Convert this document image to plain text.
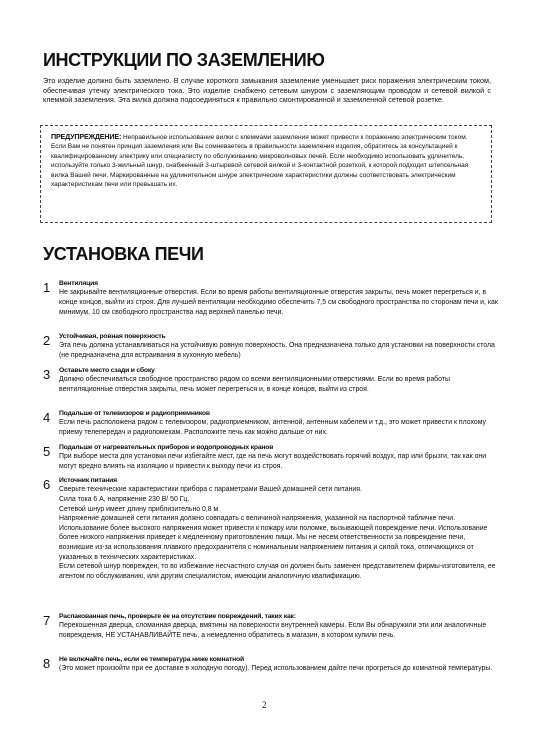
ИНСТРУКЦИИ ПО ЗАЗЕМЛЕНИЮ

Это изделие должно быть заземлено. В случае короткого замыкания заземление уменьшает риск поражения электрическим током, обеспечивая утечку электрического тока. Это изделие снабжено сетевым шнуром с заземляющим проводом и сетевой вилкой с клеммой заземления. Эта вилка должна подсоединяться к правильно смонтированной и заземленной сетевой розетке.

ПРЕДУПРЕЖДЕНИЕ: Неправильное использование вилки с клеммами заземления может привести к поражению электрическим током. Если Вам не понятен принцип заземления или Вы сомневаетесь в правильности заземления изделия, обратитесь за консультацией к квалифицированному электрику или специалисту по обслуживанию микроволновых печей. Если необходимо использовать удлинитель, используйте только 3-жильный шнур, снабженный 3-штыревой сетевой вилкой и 3-контактной розеткой, к которой подходит штепсельная вилка Вашей печи. Маркированные на удлинительном шнуре электрические характеристики должны соответствовать электрическим характеристикам печи или превышать их.

УСТАНОВКА ПЕЧИ
1 Вентиляция

Не закрывайте вентиляционные отверстия. Если во время работы вентиляционные отверстия закрыты, печь может перегреться и, в конце концов, выйти из строя. Для лучшей вентиляции необходимо обеспечить 7,5 см свободного пространства по сторонам печи и, как минимум, 10 см свободного пространства над верхней панелью печи.

2 Устойчивая, ровная поверхность

Эта печь должна устанавливаться на устойчивую ровную поверхность. Она предназначена только для установки на поверхности стола (не предназначена для встраивания в кухонную мебель)

3 Оставьте место сзади и сбоку

Должно обеспечиваться свободное пространство рядом со всеми вентиляционными отверстиями. Если во время работы вентиляционные отверстия закрыты, печь может перегреться и, в конце концов, выйти из строя.

4 Подальше от телевизоров и радиоприемников

Если печь расположена рядом с телевизором, радиоприемником, антенной, антенным кабелем и т.д., это может привести к плохому приему телепередач и радиопомехам. Расположите печь как можно дальше от них.

5 Подальше от нагревательных приборов и водопроводных кранов

При выборе места для установки печи избегайте мест, где на печь могут воздействовать горячий воздух, пар или брызги, так как они могут вредно влиять на изоляцию и привести к выходу печи из строя.

6 Источник питания

Сверьте технические характеристики прибора с параметрами Вашей домашней сети питания.

Сила тока 6 А, напряжение 230 В/ 50 Гц.

Сетевой шнур имеет длину приблизительно 0,8 м

Напряжение домашней сети питания должно совпадать с величиной напряжения, указанной на паспортной табличке печи. Использование более высокого напряжения может привести к пожару или поломке, вызывающей повреждение печи. Использование более низкого напряжения приведет к медленному приготовлению пищи. Мы не несем ответственности за повреждение печи, возникшие из-за использования плавкого предохранителя с номинальным напряжением питания и силой тока, отличающихся от указанных в технических характеристиках.

Если сетевой шнур поврежден, то во избежание несчастного случая он должен быть заменен представителем фирмы-изготовителя, ее агентом по обслуживанию, или другим специалистом, имеющим аналогичную квалификацию.

7 Распакованная печь, проверьте ее на отсутствие повреждений, таких как:

Перекошенная дверца, сломанная дверца, вмятины на поверхности внутренней камеры. Если Вы обнаружили эти или аналогичные повреждения, НЕ УСТАНАВЛИВАЙТЕ печь, а немедленно обратитесь в магазин, в котором купили печь.

8 Не включайте печь, если ее температура ниже комнатной

(Это может произойти при ее доставке в холодную погоду). Перед использованием дайте печи прогреться до комнатной температуры.

2
